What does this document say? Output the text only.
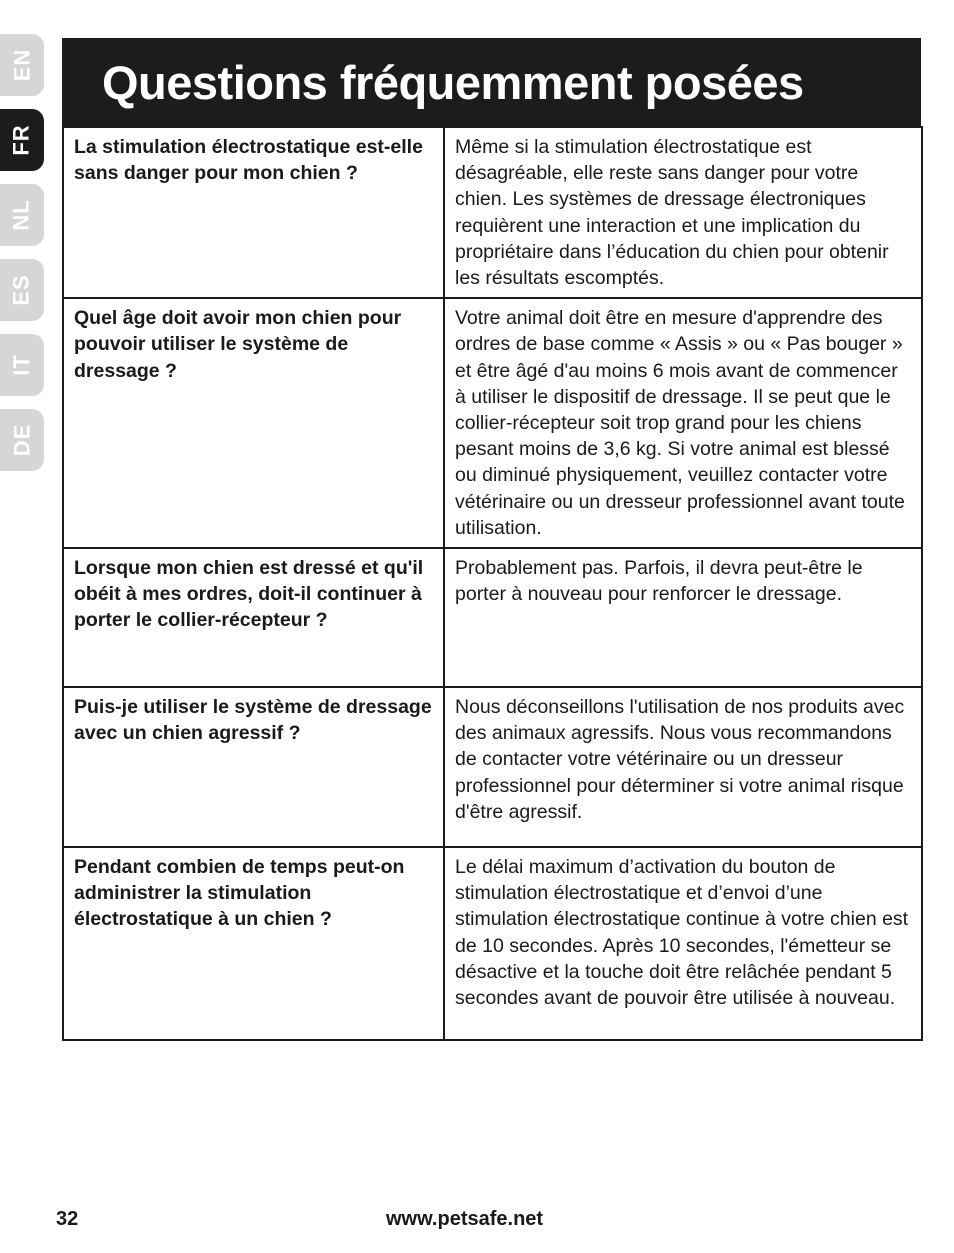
EN
FR
NL
ES
IT
DE
Questions fréquemment posées
La stimulation électrostatique est-elle sans danger pour mon chien ?	Même si la stimulation électrostatique est désagréable, elle reste sans danger pour votre chien. Les systèmes de dressage électroniques requièrent une interaction et une implication du propriétaire dans l’éducation du chien pour obtenir les résultats escomptés.
Quel âge doit avoir mon chien pour pouvoir utiliser le système de dressage ?	Votre animal doit être en mesure d'apprendre des ordres de base comme « Assis » ou « Pas bouger » et être âgé d'au moins 6 mois avant de commencer à utiliser le dispositif de dressage. Il se peut que le collier-récepteur soit trop grand pour les chiens pesant moins de 3,6 kg. Si votre animal est blessé ou diminué physiquement, veuillez contacter votre vétérinaire ou un dresseur professionnel avant toute utilisation.
Lorsque mon chien est dressé et qu'il obéit à mes ordres, doit-il continuer à porter le collier-récepteur ?	Probablement pas. Parfois, il devra peut-être le porter à nouveau pour renforcer le dressage.
Puis-je utiliser le système de dressage avec un chien agressif ?	Nous déconseillons l'utilisation de nos produits avec des animaux agressifs. Nous vous recommandons de contacter votre vétérinaire ou un dresseur professionnel pour déterminer si votre animal risque d'être agressif.
Pendant combien de temps peut-on administrer la stimulation électrostatique à un chien ?	Le délai maximum d’activation du bouton de stimulation électrostatique et d’envoi d’une stimulation électrostatique continue à votre chien est de 10 secondes. Après 10 secondes, l'émetteur se désactive et la touche doit être relâchée pendant 5 secondes avant de pouvoir être utilisée à nouveau.
32	www.petsafe.net
